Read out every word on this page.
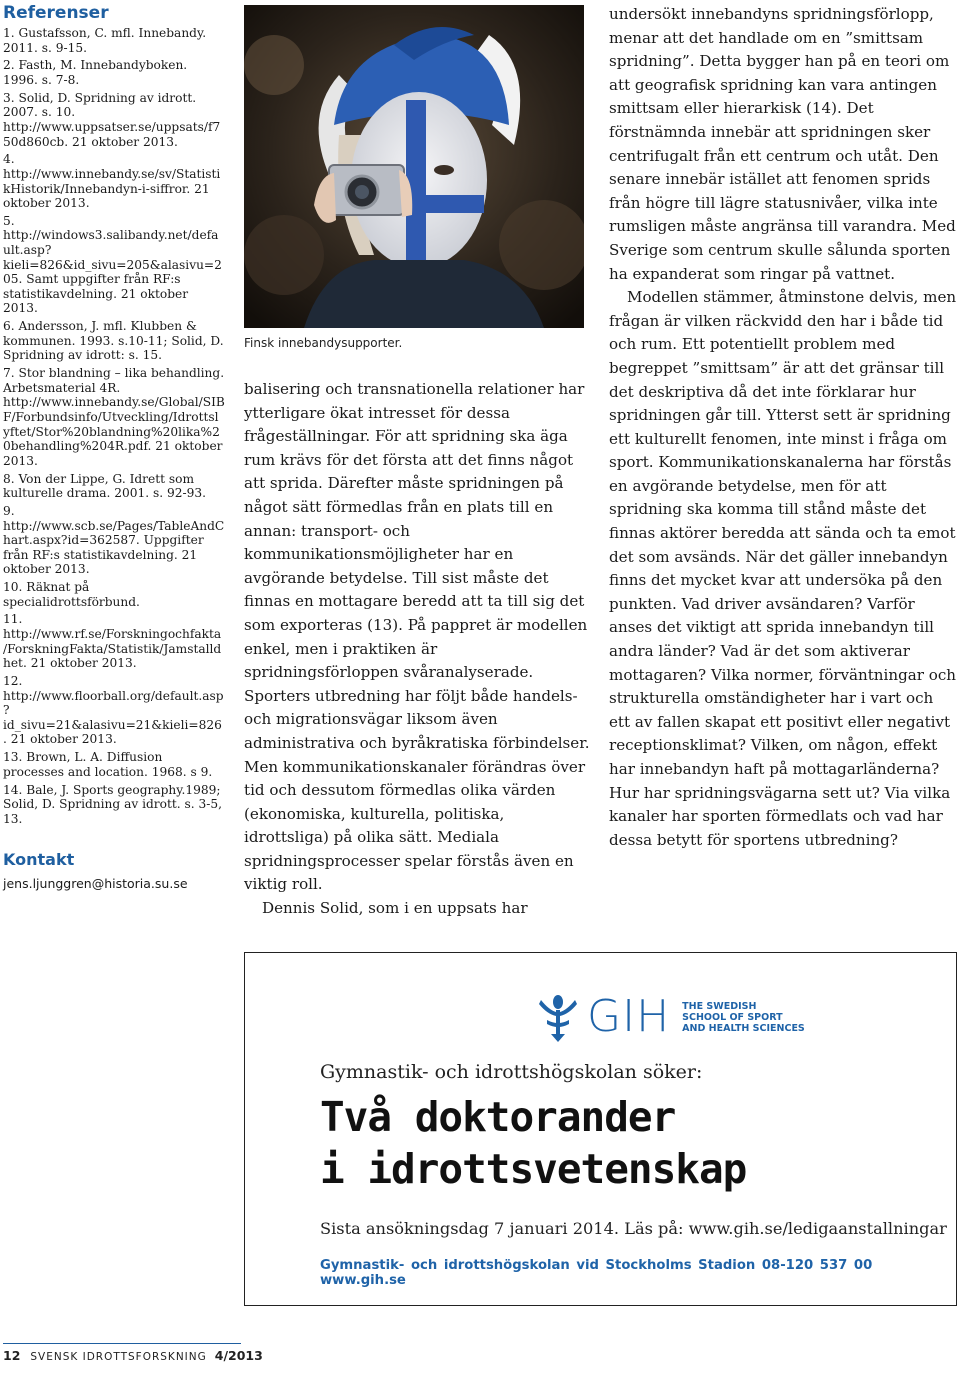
Referenser
1. Gustafsson, C. mfl. Innebandy. 2011. s. 9-15.
2. Fasth, M. Innebandyboken. 1996. s. 7-8.
3. Solid, D. Spridning av idrott. 2007. s. 10. http://www.uppsatser.se/uppsats/f750d860cb. 21 oktober 2013.
4. http://www.innebandy.se/sv/StatistikHistorik/Innebandyn-i-siffror. 21 oktober 2013.
5. http://windows3.salibandy.net/default.asp?kieli=826&id_sivu=205&alasivu=205. Samt uppgifter från RF:s statistikavdelning. 21 oktober 2013.
6. Andersson, J. mfl. Klubben & kommunen. 1993. s.10-11; Solid, D. Spridning av idrott: s. 15.
7. Stor blandning – lika behandling. Arbetsmaterial 4R. http://www.innebandy.se/Global/SIBF/Forbundsinfo/Utveckling/Idrottslyftet/Stor%20blandning%20lika%20behandling%204R.pdf. 21 oktober 2013.
8. Von der Lippe, G. Idrett som kulturelle drama. 2001. s. 92-93.
9. http://www.scb.se/Pages/TableAndChart.aspx?id=362587. Uppgifter från RF:s statistikavdelning. 21 oktober 2013.
10. Räknat på specialidrottsförbund.
11. http://www.rf.se/Forskningochfakta/ForskningFakta/Statistik/Jamstalldhet. 21 oktober 2013.
12. http://www.floorball.org/default.asp?id_sivu=21&alasivu=21&kieli=826. 21 oktober 2013.
13. Brown, L. A. Diffusion processes and location. 1968. s 9.
14. Bale, J. Sports geography.1989; Solid, D. Spridning av idrott. s. 3-5, 13.
Kontakt
jens.ljunggren@historia.su.se
Finsk innebandysupporter.

balisering och transnationella relationer har ytterligare ökat intresset för dessa frågeställningar. För att spridning ska äga rum krävs för det första att det finns något att sprida. Därefter måste spridningen på något sätt förmedlas från en plats till en annan: transport- och kommunikationsmöjligheter har en avgörande betydelse. Till sist måste det finnas en mottagare beredd att ta till sig det som exporteras (13). På pappret är modellen enkel, men i praktiken är spridningsförloppen svåranalyserade. Sporters utbredning har följt både handels- och migrationsvägar liksom även administrativa och byråkratiska förbindelser. Men kommunikationskanaler förändras över tid och dessutom förmedlas olika värden (ekonomiska, kulturella, politiska, idrottsliga) på olika sätt. Medialа spridningsprocesser spelar förstås även en viktig roll.

Dennis Solid, som i en uppsats har

undersökt innebandyns spridningsförlopp, menar att det handlade om en ”smittsam spridning”. Detta bygger han på en teori om att geografisk spridning kan vara antingen smittsam eller hierarkisk (14). Det förstnämnda innebär att spridningen sker centrifugalt från ett centrum och utåt. Den senare innebär istället att fenomen sprids från högre till lägre statusnivåer, vilka inte rumsligen måste angränsa till varandra. Med Sverige som centrum skulle sålunda sporten ha expanderat som ringar på vattnet.

Modellen stämmer, åtminstone delvis, men frågan är vilken räckvidd den har i både tid och rum. Ett potentiellt problem med begreppet ”smittsam” är att det gränsar till det deskriptiva då det inte förklarar hur spridningen går till. Ytterst sett är spridning ett kulturellt fenomen, inte minst i fråga om sport. Kommunikationskanalerna har förstås en avgörande betydelse, men för att spridning ska komma till stånd måste det finnas aktörer beredda att sända och ta emot det som avsänds. När det gäller innebandyn finns det mycket kvar att undersöka på den punkten. Vad driver avsändaren? Varför anses det viktigt att sprida innebandyn till andra länder? Vad är det som aktiverar mottagaren? Vilka normer, förväntningar och strukturella omständigheter har i vart och ett av fallen skapat ett positivt eller negativt receptionsklimat? Vilken, om någon, effekt har innebandyn haft på mottagarländerna? Hur har spridningsvägarna sett ut? Via vilka kanaler har sporten förmedlats och vad har dessa betytt för sportens utbredning?

GIH THE SWEDISH
SCHOOL OF SPORT
AND HEALTH SCIENCES
Gymnastik- och idrottshögskolan söker:
Två doktorander
i idrottsvetenskap
Sista ansökningsdag 7 januari 2014. Läs på: www.gih.se/ledigaanstallningar
Gymnastik- och idrottshögskolan vid Stockholms Stadion 08-120 537 00 www.gih.se
12 SVENSK IDROTTSFORSKNING 4/2013
